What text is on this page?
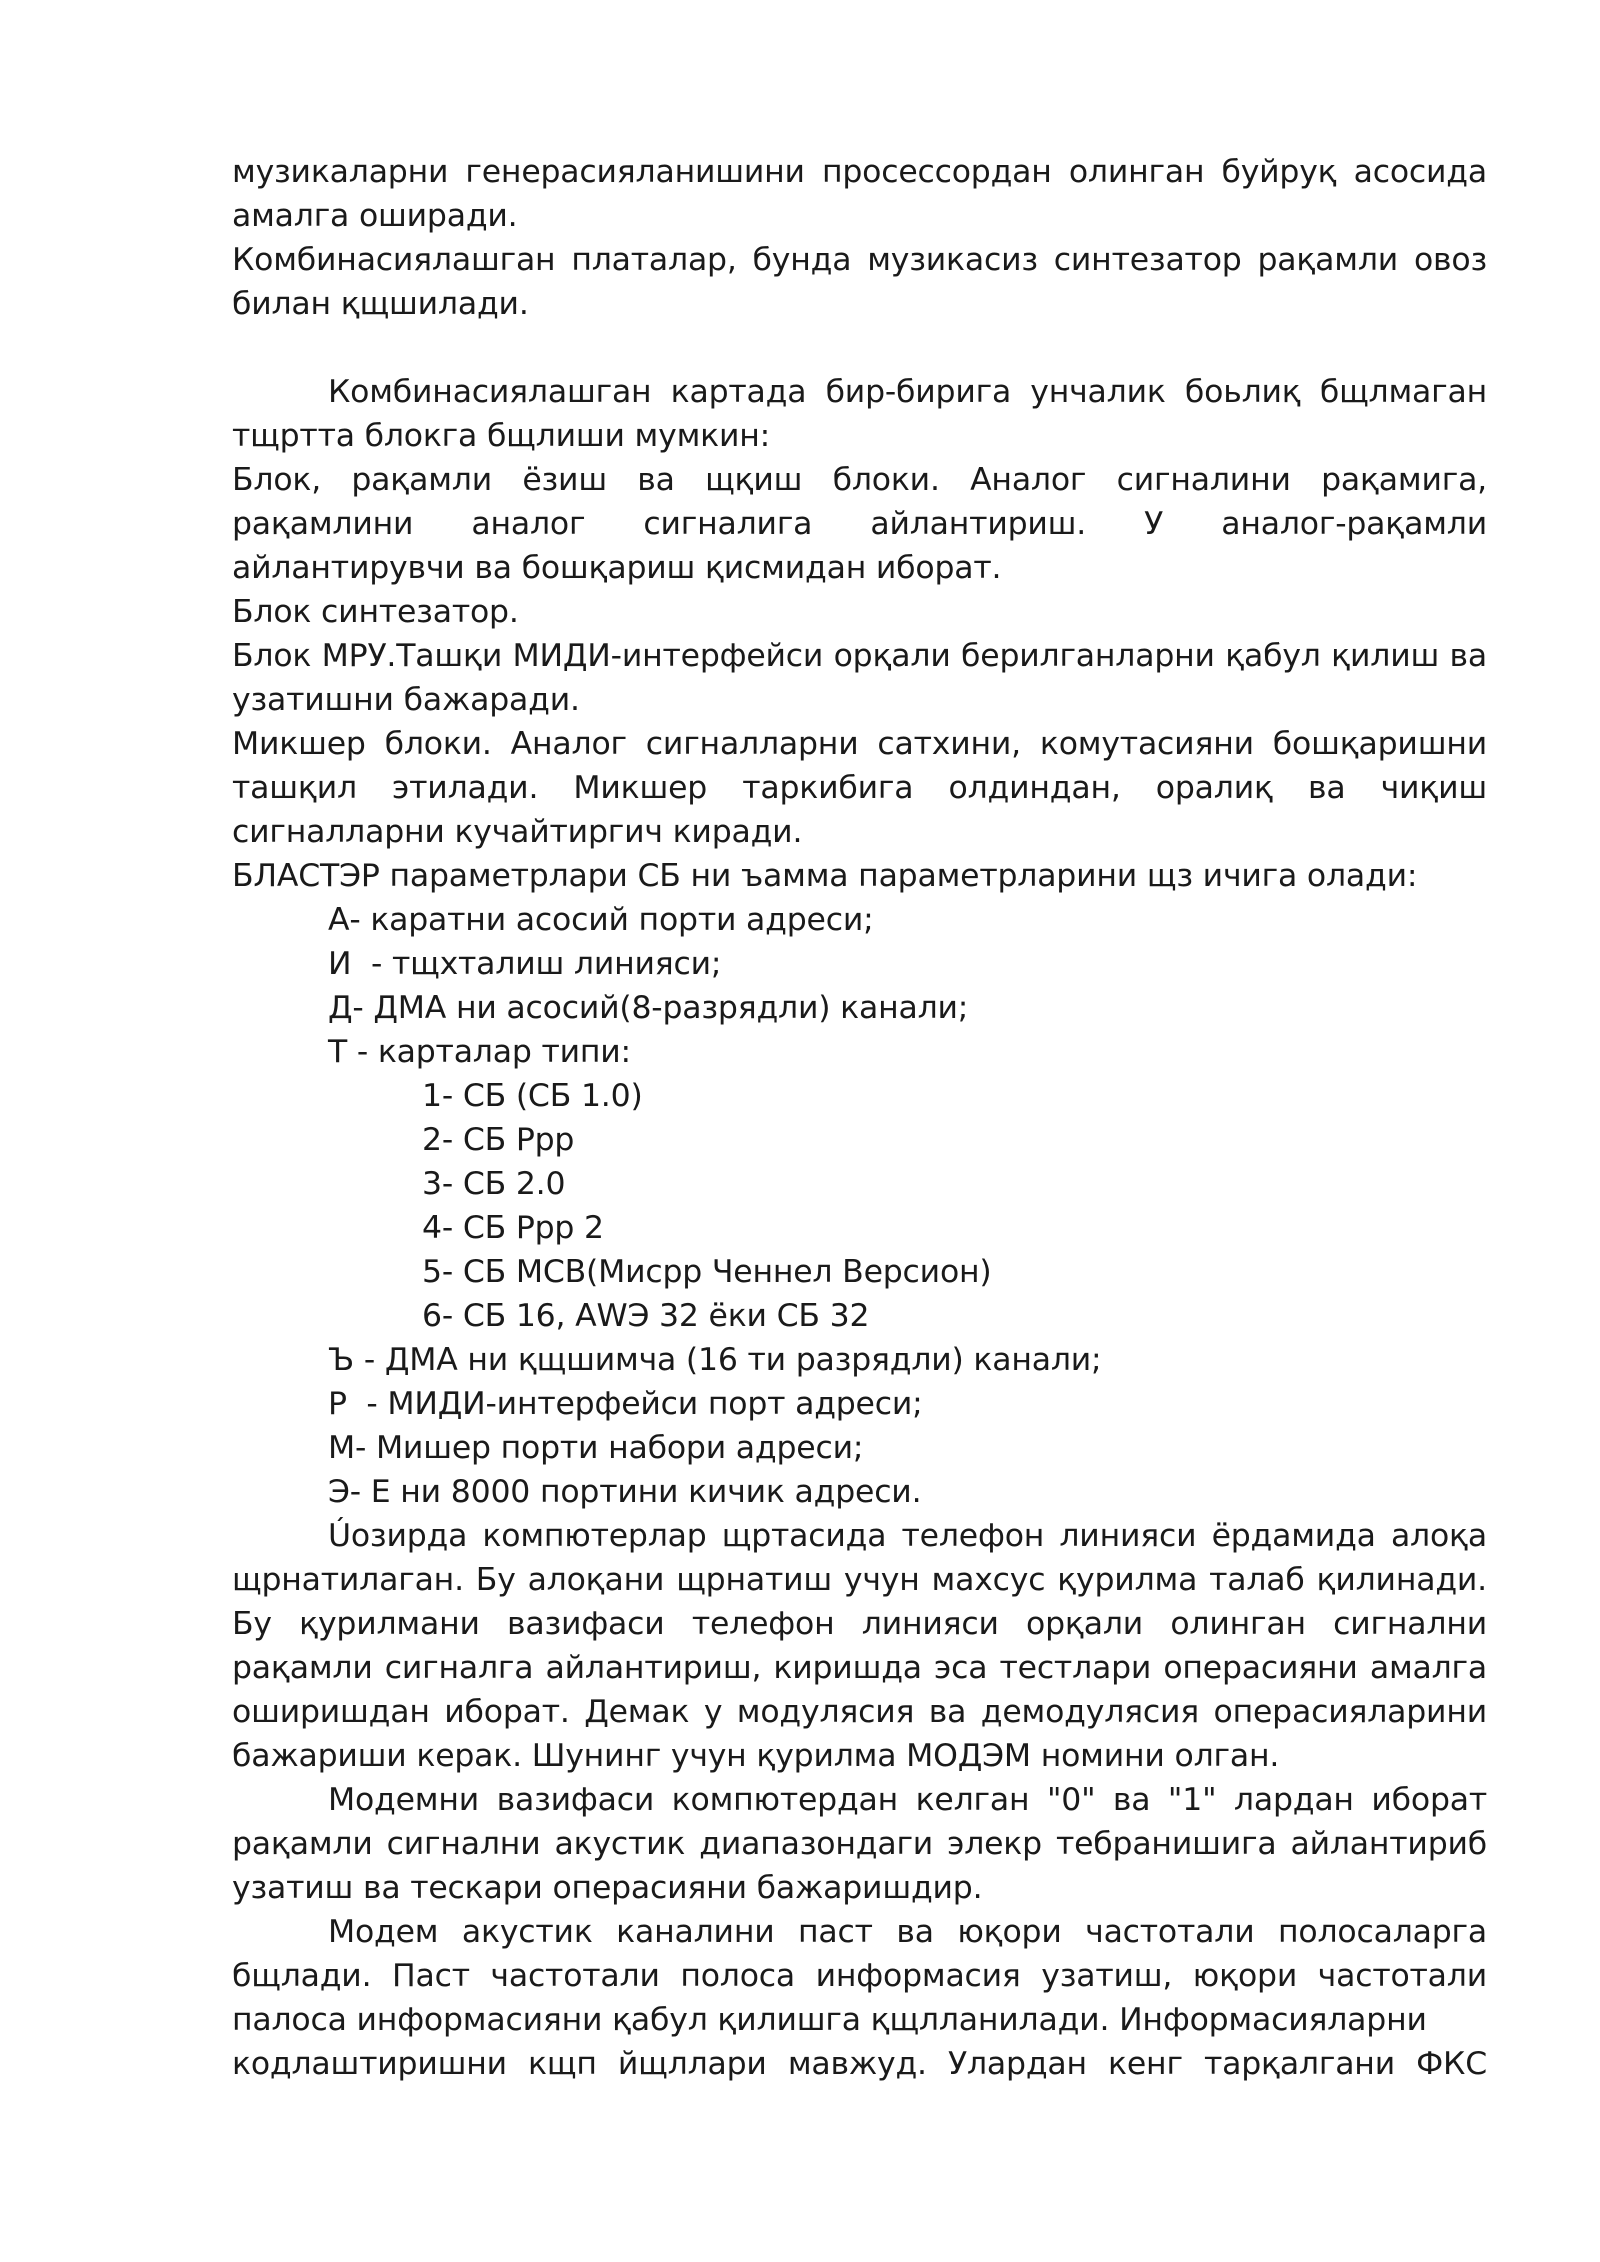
музикаларни генерасияланишини просессордан олинган буйруқ асосида амалга оширади.

Комбинасиялашган платалар, бунда музикасиз синтезатор рақамли овоз билан қщшилади.

Комбинасиялашган картада бир-бирига унчалик боьлиқ бщлмаган тщртта блокга бщлиши мумкин:

Блок, рақамли ёзиш ва щқиш блоки. Аналог сигналини рақамига, рақамлини аналог сигналига айлантириш. У аналог-рақамли айлантирувчи ва бошқариш қисмидан иборат.

Блок синтезатор.

Блок МРУ.Ташқи МИДИ-интерфейси орқали берилганларни қабул қилиш ва узатишни бажаради.

Микшер блоки. Аналог сигналларни сатхини, комутасияни бошқаришни ташқил этилади. Микшер таркибига олдиндан, оралиқ ва чиқиш сигналларни кучайтиргич киради.

БЛАСТЭР параметрлари СБ ни ъамма параметрларини щз ичига олади:

А- каратни асосий порти адреси;

И  - тщхталиш линияси;

Д- ДМА ни асосий(8-разрядли) канали;

Т - карталар типи:

1- СБ (СБ 1.0)

2- СБ Ррр

3- СБ 2.0

4- СБ Ррр 2

5- СБ МСВ(Мисрр Ченнел Версион)

6- СБ 16, АWЭ 32 ёки СБ 32

Ъ - ДМА ни қщшимча (16 ти разрядли) канали;

Р  - МИДИ-интерфейси порт адреси;

М- Мишер порти набори адреси;

Э- Е ни 8000 портини кичик адреси.

Úозирда компютерлар щртасида телефон линияси ёрдамида алоқа щрнатилаган. Бу алоқани щрнатиш учун махсус қурилма талаб қилинади. Бу қурилмани вазифаси телефон линияси орқали олинган сигнални рақамли сигналга айлантириш, киришда эса тестлари операсияни амалга оширишдан иборат. Демак у модулясия ва демодулясия операсияларини бажариши керак. Шунинг учун қурилма МОДЭМ номини олган.

Модемни вазифаси компютердан келган "0" ва "1" лардан иборат рақамли сигнални акустик диапазондаги элекр тебранишига айлантириб узатиш ва тескари операсияни бажаришдир.

Модем акустик каналини паст ва юқори частотали полосаларга бщлади. Паст частотали полоса информасия узатиш, юқори частотали палоса информасияни қабул қилишга қщлланилади. Информасияларни

кодлаштиришни кщп йщллари мавжуд. Улардан кенг тарқалгани ФКС
